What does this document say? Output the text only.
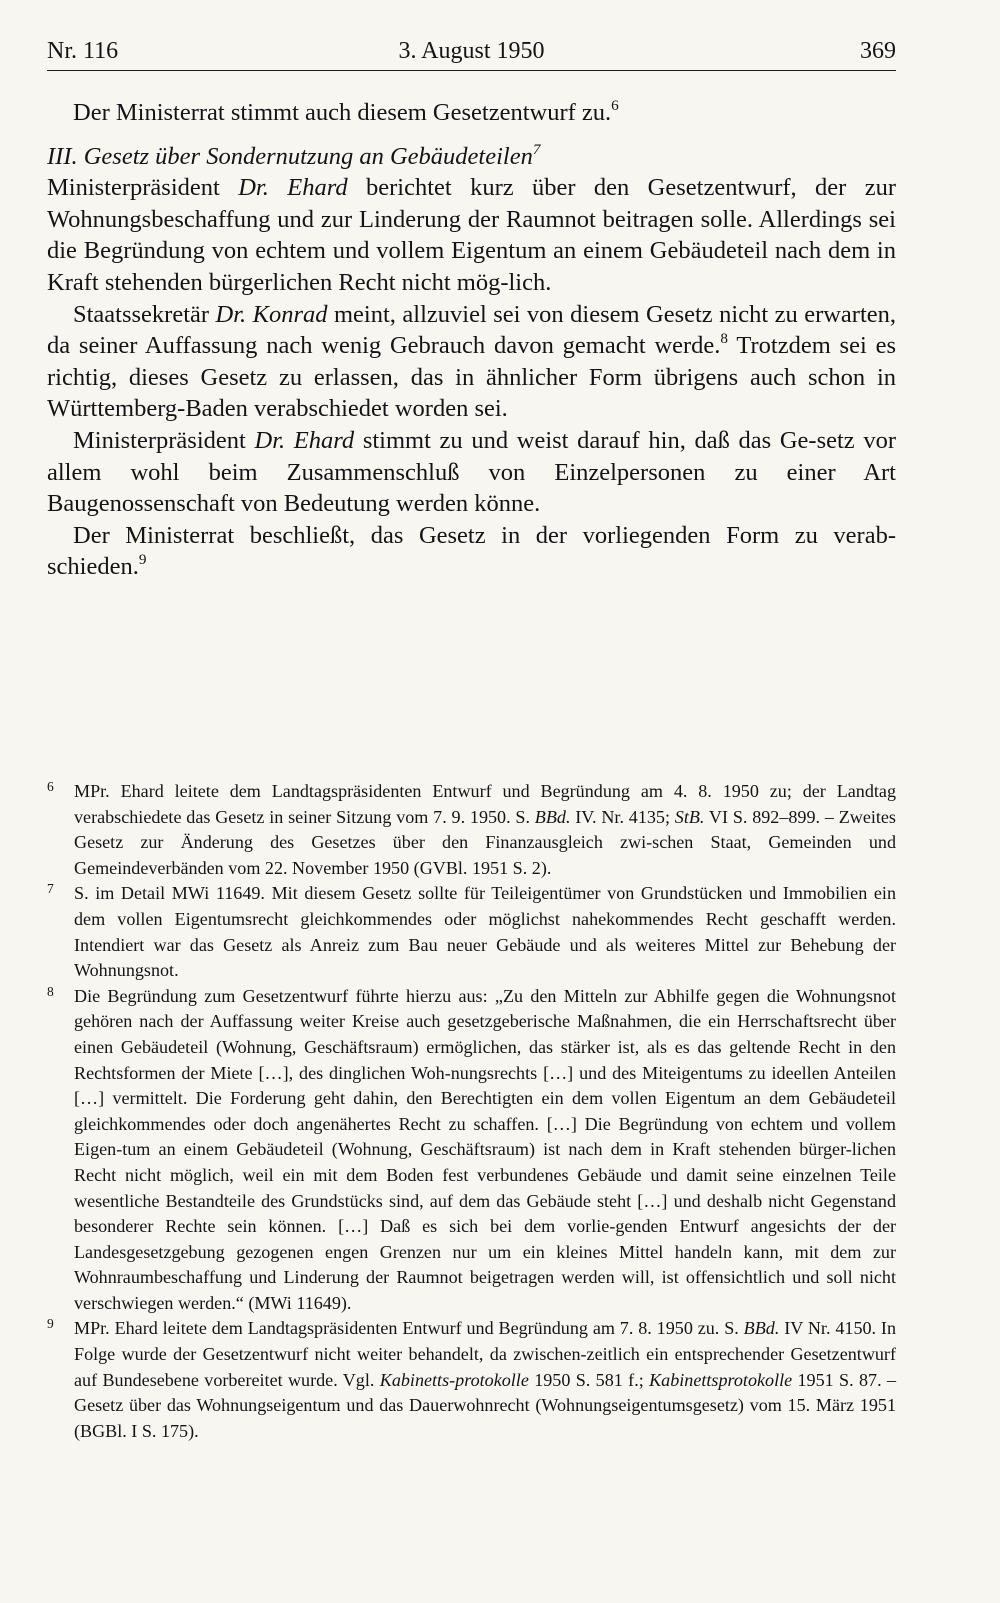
Nr. 116	3. August 1950	369

Der Ministerrat stimmt auch diesem Gesetzentwurf zu.$^6$

III. Gesetz über Sondernutzung an Gebäudeteilen$^7$

Ministerpräsident Dr. Ehard berichtet kurz über den Gesetzentwurf, der zur Wohnungsbeschaffung und zur Linderung der Raumnot beitragen solle. Allerdings sei die Begründung von echtem und vollem Eigentum an einem Gebäudeteil nach dem in Kraft stehenden bürgerlichen Recht nicht mög-lich.

Staatssekretär Dr. Konrad meint, allzuviel sei von diesem Gesetz nicht zu erwarten, da seiner Auffassung nach wenig Gebrauch davon gemacht werde.$^8$ Trotzdem sei es richtig, dieses Gesetz zu erlassen, das in ähnlicher Form übrigens auch schon in Württemberg-Baden verabschiedet worden sei.

Ministerpräsident Dr. Ehard stimmt zu und weist darauf hin, daß das Ge-setz vor allem wohl beim Zusammenschluß von Einzelpersonen zu einer Art Baugenossenschaft von Bedeutung werden könne.

Der Ministerrat beschließt, das Gesetz in der vorliegenden Form zu verab-schieden.$^9$

6 MPr. Ehard leitete dem Landtagspräsidenten Entwurf und Begründung am 4. 8. 1950 zu; der Landtag verabschiedete das Gesetz in seiner Sitzung vom 7. 9. 1950. S. BBd. IV. Nr. 4135; StB. VI S. 892–899. – Zweites Gesetz zur Änderung des Gesetzes über den Finanzausgleich zwi-schen Staat, Gemeinden und Gemeindeverbänden vom 22. November 1950 (GVBl. 1951 S. 2).

7 S. im Detail MWi 11649. Mit diesem Gesetz sollte für Teileigentümer von Grundstücken und Immobilien ein dem vollen Eigentumsrecht gleichkommendes oder möglichst nahekommendes Recht geschafft werden. Intendiert war das Gesetz als Anreiz zum Bau neuer Gebäude und als weiteres Mittel zur Behebung der Wohnungsnot.

8 Die Begründung zum Gesetzentwurf führte hierzu aus: „Zu den Mitteln zur Abhilfe gegen die Wohnungsnot gehören nach der Auffassung weiter Kreise auch gesetzgeberische Maßnahmen, die ein Herrschaftsrecht über einen Gebäudeteil (Wohnung, Geschäftsraum) ermöglichen, das stärker ist, als es das geltende Recht in den Rechtsformen der Miete […], des dinglichen Woh-nungsrechts […] und des Miteigentums zu ideellen Anteilen […] vermittelt. Die Forderung geht dahin, den Berechtigten ein dem vollen Eigentum an dem Gebäudeteil gleichkommendes oder doch angenähertes Recht zu schaffen. […] Die Begründung von echtem und vollem Eigen-tum an einem Gebäudeteil (Wohnung, Geschäftsraum) ist nach dem in Kraft stehenden bürger-lichen Recht nicht möglich, weil ein mit dem Boden fest verbundenes Gebäude und damit seine einzelnen Teile wesentliche Bestandteile des Grundstücks sind, auf dem das Gebäude steht […] und deshalb nicht Gegenstand besonderer Rechte sein können. […] Daß es sich bei dem vorlie-genden Entwurf angesichts der der Landesgesetzgebung gezogenen engen Grenzen nur um ein kleines Mittel handeln kann, mit dem zur Wohnraumbeschaffung und Linderung der Raumnot beigetragen werden will, ist offensichtlich und soll nicht verschwiegen werden.“ (MWi 11649).

9 MPr. Ehard leitete dem Landtagspräsidenten Entwurf und Begründung am 7. 8. 1950 zu. S. BBd. IV Nr. 4150. In Folge wurde der Gesetzentwurf nicht weiter behandelt, da zwischen-zeitlich ein entsprechender Gesetzentwurf auf Bundesebene vorbereitet wurde. Vgl. Kabinetts-protokolle 1950 S. 581 f.; Kabinettsprotokolle 1951 S. 87. – Gesetz über das Wohnungseigentum und das Dauerwohnrecht (Wohnungseigentumsgesetz) vom 15. März 1951 (BGBl. I S. 175).
